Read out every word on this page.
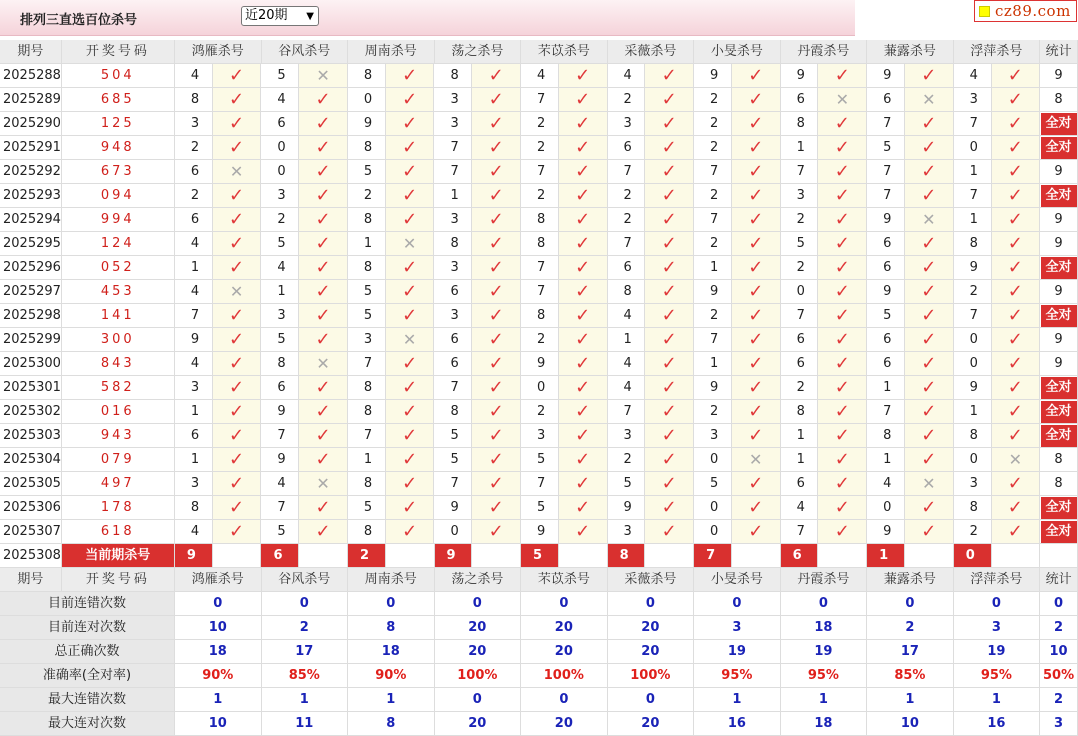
排列三直选百位杀号	近20期 ▼	cz89.com
期号	开奖号码	鸿雁杀号	谷风杀号	周南杀号	荡之杀号	芣苡杀号	采薇杀号	小旻杀号	丹霞杀号	蒹露杀号	浮萍杀号	统计
2025288	504	4	✓	5	✕	8	✓	8	✓	4	✓	4	✓	9	✓	9	✓	9	✓	4	✓	9
2025289	685	8	✓	4	✓	0	✓	3	✓	7	✓	2	✓	2	✓	6	✕	6	✕	3	✓	8
2025290	125	3	✓	6	✓	9	✓	3	✓	2	✓	3	✓	2	✓	8	✓	7	✓	7	✓	全对
2025291	948	2	✓	0	✓	8	✓	7	✓	2	✓	6	✓	2	✓	1	✓	5	✓	0	✓	全对
2025292	673	6	✕	0	✓	5	✓	7	✓	7	✓	7	✓	7	✓	7	✓	7	✓	1	✓	9
2025293	094	2	✓	3	✓	2	✓	1	✓	2	✓	2	✓	2	✓	3	✓	7	✓	7	✓	全对
2025294	994	6	✓	2	✓	8	✓	3	✓	8	✓	2	✓	7	✓	2	✓	9	✕	1	✓	9
2025295	124	4	✓	5	✓	1	✕	8	✓	8	✓	7	✓	2	✓	5	✓	6	✓	8	✓	9
2025296	052	1	✓	4	✓	8	✓	3	✓	7	✓	6	✓	1	✓	2	✓	6	✓	9	✓	全对
2025297	453	4	✕	1	✓	5	✓	6	✓	7	✓	8	✓	9	✓	0	✓	9	✓	2	✓	9
2025298	141	7	✓	3	✓	5	✓	3	✓	8	✓	4	✓	2	✓	7	✓	5	✓	7	✓	全对
2025299	300	9	✓	5	✓	3	✕	6	✓	2	✓	1	✓	7	✓	6	✓	6	✓	0	✓	9
2025300	843	4	✓	8	✕	7	✓	6	✓	9	✓	4	✓	1	✓	6	✓	6	✓	0	✓	9
2025301	582	3	✓	6	✓	8	✓	7	✓	0	✓	4	✓	9	✓	2	✓	1	✓	9	✓	全对
2025302	016	1	✓	9	✓	8	✓	8	✓	2	✓	7	✓	2	✓	8	✓	7	✓	1	✓	全对
2025303	943	6	✓	7	✓	7	✓	5	✓	3	✓	3	✓	3	✓	1	✓	8	✓	8	✓	全对
2025304	079	1	✓	9	✓	1	✓	5	✓	5	✓	2	✓	0	✕	1	✓	1	✓	0	✕	8
2025305	497	3	✓	4	✕	8	✓	7	✓	7	✓	5	✓	5	✓	6	✓	4	✕	3	✓	8
2025306	178	8	✓	7	✓	5	✓	9	✓	5	✓	9	✓	0	✓	4	✓	0	✓	8	✓	全对
2025307	618	4	✓	5	✓	8	✓	0	✓	9	✓	3	✓	0	✓	7	✓	9	✓	2	✓	全对
2025308	当前期杀号	9	6	2	9	5	8	7	6	1	0
期号	开奖号码	鸿雁杀号	谷风杀号	周南杀号	荡之杀号	芣苡杀号	采薇杀号	小旻杀号	丹霞杀号	蒹露杀号	浮萍杀号	统计
目前连错次数	0	0	0	0	0	0	0	0	0	0	0
目前连对次数	10	2	8	20	20	20	3	18	2	3	2
总正确次数	18	17	18	20	20	20	19	19	17	19	10
准确率(全对率)	90%	85%	90%	100%	100%	100%	95%	95%	85%	95%	50%
最大连错次数	1	1	1	0	0	0	1	1	1	1	2
最大连对次数	10	11	8	20	20	20	16	18	10	16	3
